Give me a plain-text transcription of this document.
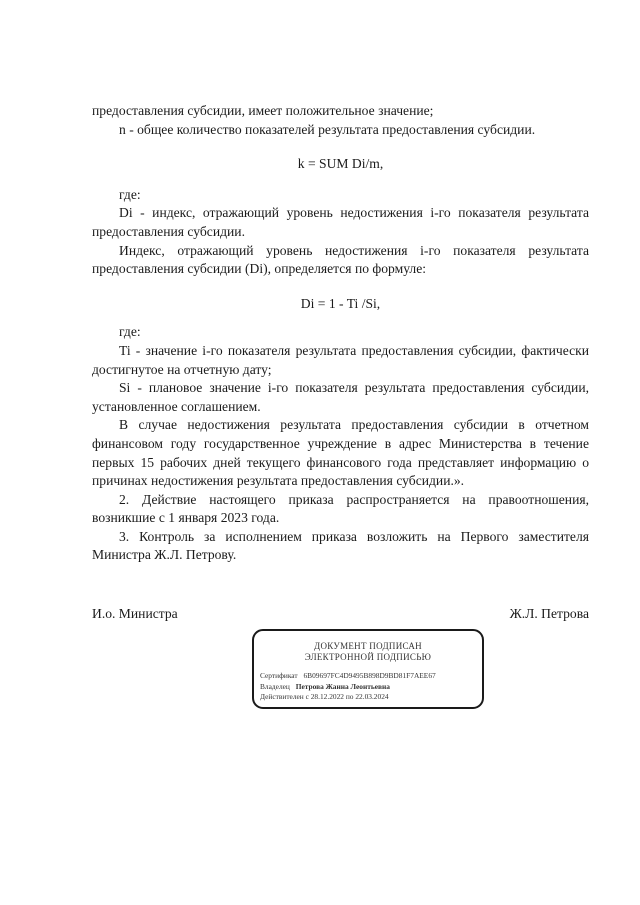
предоставления субсидии, имеет положительное значение;

n - общее количество показателей результата предоставления субсидии.

k = SUM Di/m,

где:

Di - индекс, отражающий уровень недостижения i-го показателя результата предоставления субсидии.

Индекс, отражающий уровень недостижения i-го показателя результата предоставления субсидии (Di), определяется по формуле:

Di = 1 - Ti /Si,

где:

Ti - значение i-го показателя результата предоставления субсидии, фактически достигнутое на отчетную дату;

Si - плановое значение i-го показателя результата предоставления субсидии, установленное соглашением.

В случае недостижения результата предоставления субсидии в отчетном финансовом году государственное учреждение в адрес Министерства в течение первых 15 рабочих дней текущего финансового года представляет информацию о причинах недостижения результата предоставления субсидии.».

2. Действие настоящего приказа распространяется на правоотношения, возникшие с 1 января 2023 года.

3. Контроль за исполнением приказа возложить на Первого заместителя Министра Ж.Л. Петрову.

И.о. Министра	Ж.Л. Петрова
ДОКУМЕНТ ПОДПИСАН
ЭЛЕКТРОННОЙ ПОДПИСЬЮ
Сертификат 6B09697FC4D9495B898D9BD81F7AEE67
Владелец Петрова Жанна Леонтьевна
Действителен с 28.12.2022 по 22.03.2024
